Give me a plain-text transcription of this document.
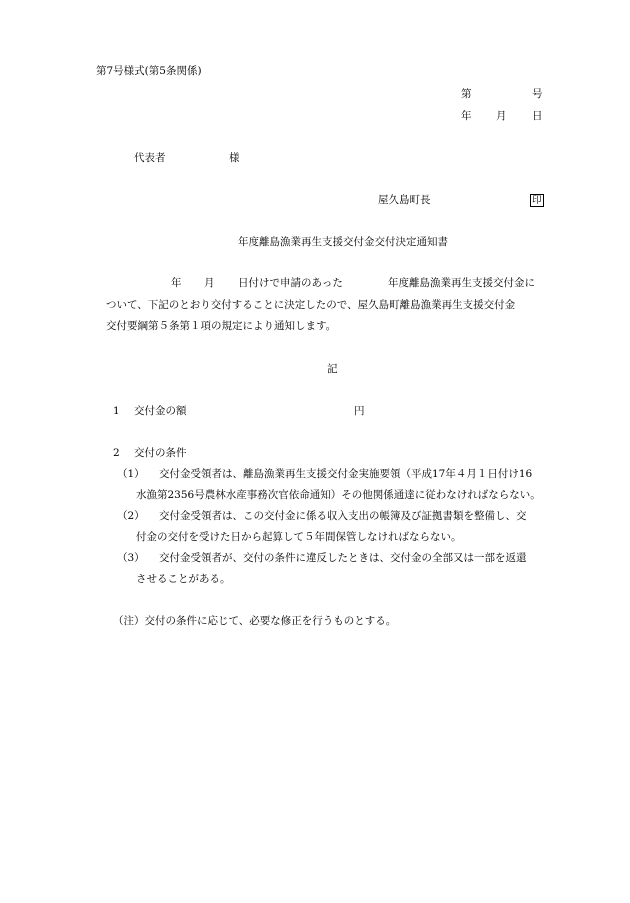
第7号様式(第5条関係)
第	号
年 月 日
代表者	様
屋久島町長	印
年度離島漁業再生支援交付金交付決定通知書
年 月 日付けで申請のあった	年度離島漁業再生支援交付金に
ついて、下記のとおり交付することに決定したので、屋久島町離島漁業再生支援交付金
交付要綱第５条第１項の規定により通知します。
記
1 交付金の額	円
2 交付の条件
（1） 交付金受領者は、離島漁業再生支援交付金実施要領（平成17年４月１日付け16
水漁第2356号農林水産事務次官依命通知）その他関係通達に従わなければならない。
（2） 交付金受領者は、この交付金に係る収入支出の帳簿及び証拠書類を整備し、交
付金の交付を受けた日から起算して５年間保管しなければならない。
（3） 交付金受領者が、交付の条件に違反したときは、交付金の全部又は一部を返還
させることがある。
（注）交付の条件に応じて、必要な修正を行うものとする。
